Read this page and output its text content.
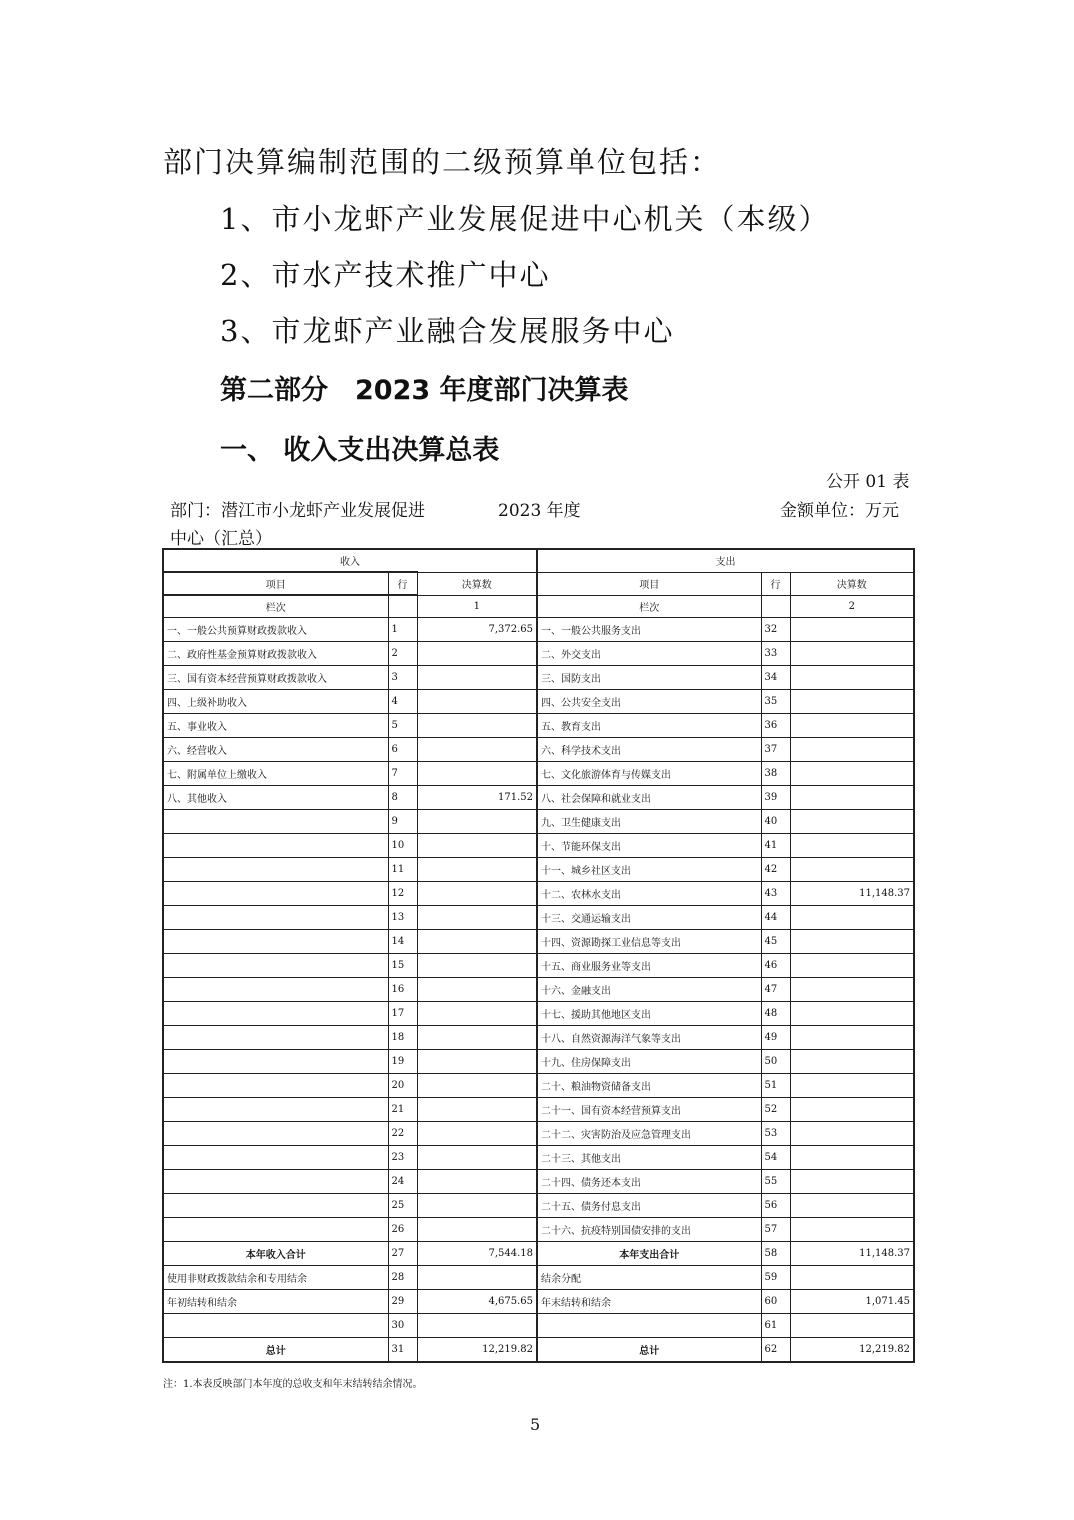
部门决算编制范围的二级预算单位包括：
1、市小龙虾产业发展促进中心机关（本级）
2、市水产技术推广中心
3、市龙虾产业融合发展服务中心
第二部分　2023 年度部门决算表
一、 收入支出决算总表
公开 01 表
部门：潜江市小龙虾产业发展促进
中心（汇总）
2023 年度	金额单位：万元
收入			支出		
项目	行	决算数	项目	行	决算数
栏次		1	栏次		2
一、一般公共预算财政拨款收入	1	7,372.65	一、一般公共服务支出	32	
二、政府性基金预算财政拨款收入	2		二、外交支出	33	
三、国有资本经营预算财政拨款收入	3		三、国防支出	34	
四、上级补助收入	4		四、公共安全支出	35	
五、事业收入	5		五、教育支出	36	
六、经营收入	6		六、科学技术支出	37	
七、附属单位上缴收入	7		七、文化旅游体育与传媒支出	38	
八、其他收入	8	171.52	八、社会保障和就业支出	39	
	9		九、卫生健康支出	40	
	10		十、节能环保支出	41	
	11		十一、城乡社区支出	42	
	12		十二、农林水支出	43	11,148.37
	13		十三、交通运输支出	44	
	14		十四、资源勘探工业信息等支出	45	
	15		十五、商业服务业等支出	46	
	16		十六、金融支出	47	
	17		十七、援助其他地区支出	48	
	18		十八、自然资源海洋气象等支出	49	
	19		十九、住房保障支出	50	
	20		二十、粮油物资储备支出	51	
	21		二十一、国有资本经营预算支出	52	
	22		二十二、灾害防治及应急管理支出	53	
	23		二十三、其他支出	54	
	24		二十四、债务还本支出	55	
	25		二十五、债务付息支出	56	
	26		二十六、抗疫特别国债安排的支出	57	
本年收入合计	27	7,544.18	本年支出合计	58	11,148.37
使用非财政拨款结余和专用结余	28		结余分配	59	
年初结转和结余	29	4,675.65	年末结转和结余	60	1,071.45
	30			61	
总计	31	12,219.82	总计	62	12,219.82
注：1.本表反映部门本年度的总收支和年末结转结余情况。
5
